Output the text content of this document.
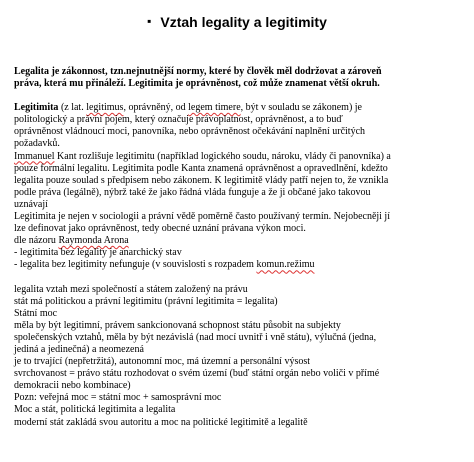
▪ Vztah legality a legitimity

Legalita je zákonnost, tzn.nejnutnější normy, které by člověk měl dodržovat a zároveň
práva, která mu přináleží. Legitimita je oprávněnost, což může znamenat větší okruh.

Legitimita (z lat. legitimus, oprávněný, od legem timere, být v souladu se zákonem) je
politologický a právní pojem, který označuje právoplatnost, oprávněnost, a to buď
oprávněnost vládnoucí moci, panovníka, nebo oprávněnost očekávání naplnění určitých
požadavků.
Immanuel Kant rozlišuje legitimitu (například logického soudu, nároku, vlády či panovníka) a
pouze formální legalitu. Legitimita podle Kanta znamená oprávněnost a opravedlnění, kdežto
legalita pouze soulad s předpisem nebo zákonem. K legitimitě vlády patří nejen to, že vznikla
podle práva (legálně), nýbrž také že jako řádná vláda funguje a že ji občané jako takovou
uznávají
Legitimita je nejen v sociologii a právní vědě poměrně často používaný termín. Nejobecněji jí
lze definovat jako oprávněnost, tedy obecné uznání právana výkon moci.
dle názoru Raymonda Arona
- legitimita bez legality je anarchický stav
- legalita bez legitimity nefunguje (v souvislosti s rozpadem komun.režimu

legalita vztah mezi společností a státem založený na právu
stát má politickou a právní legitimitu (právní legitimita = legalita)
Státní moc
měla by být legitimní, právem sankcionovaná schopnost státu působit na subjekty
společenských vztahů, měla by být nezávislá (nad mocí uvnitř i vně státu), výlučná (jedna,
jediná a jedinečná) a neomezená
je to trvající (nepřetržitá), autonomní moc, má územní a personální výsost
svrchovanost = právo státu rozhodovat o svém území (buď státní orgán nebo voliči v přímé
demokracii nebo kombinace)
Pozn: veřejná moc = státní moc + samosprávní moc
Moc a stát, politická legitimita a legalita
moderní stát zakládá svou autoritu a moc na politické legitimitě a legalitě
